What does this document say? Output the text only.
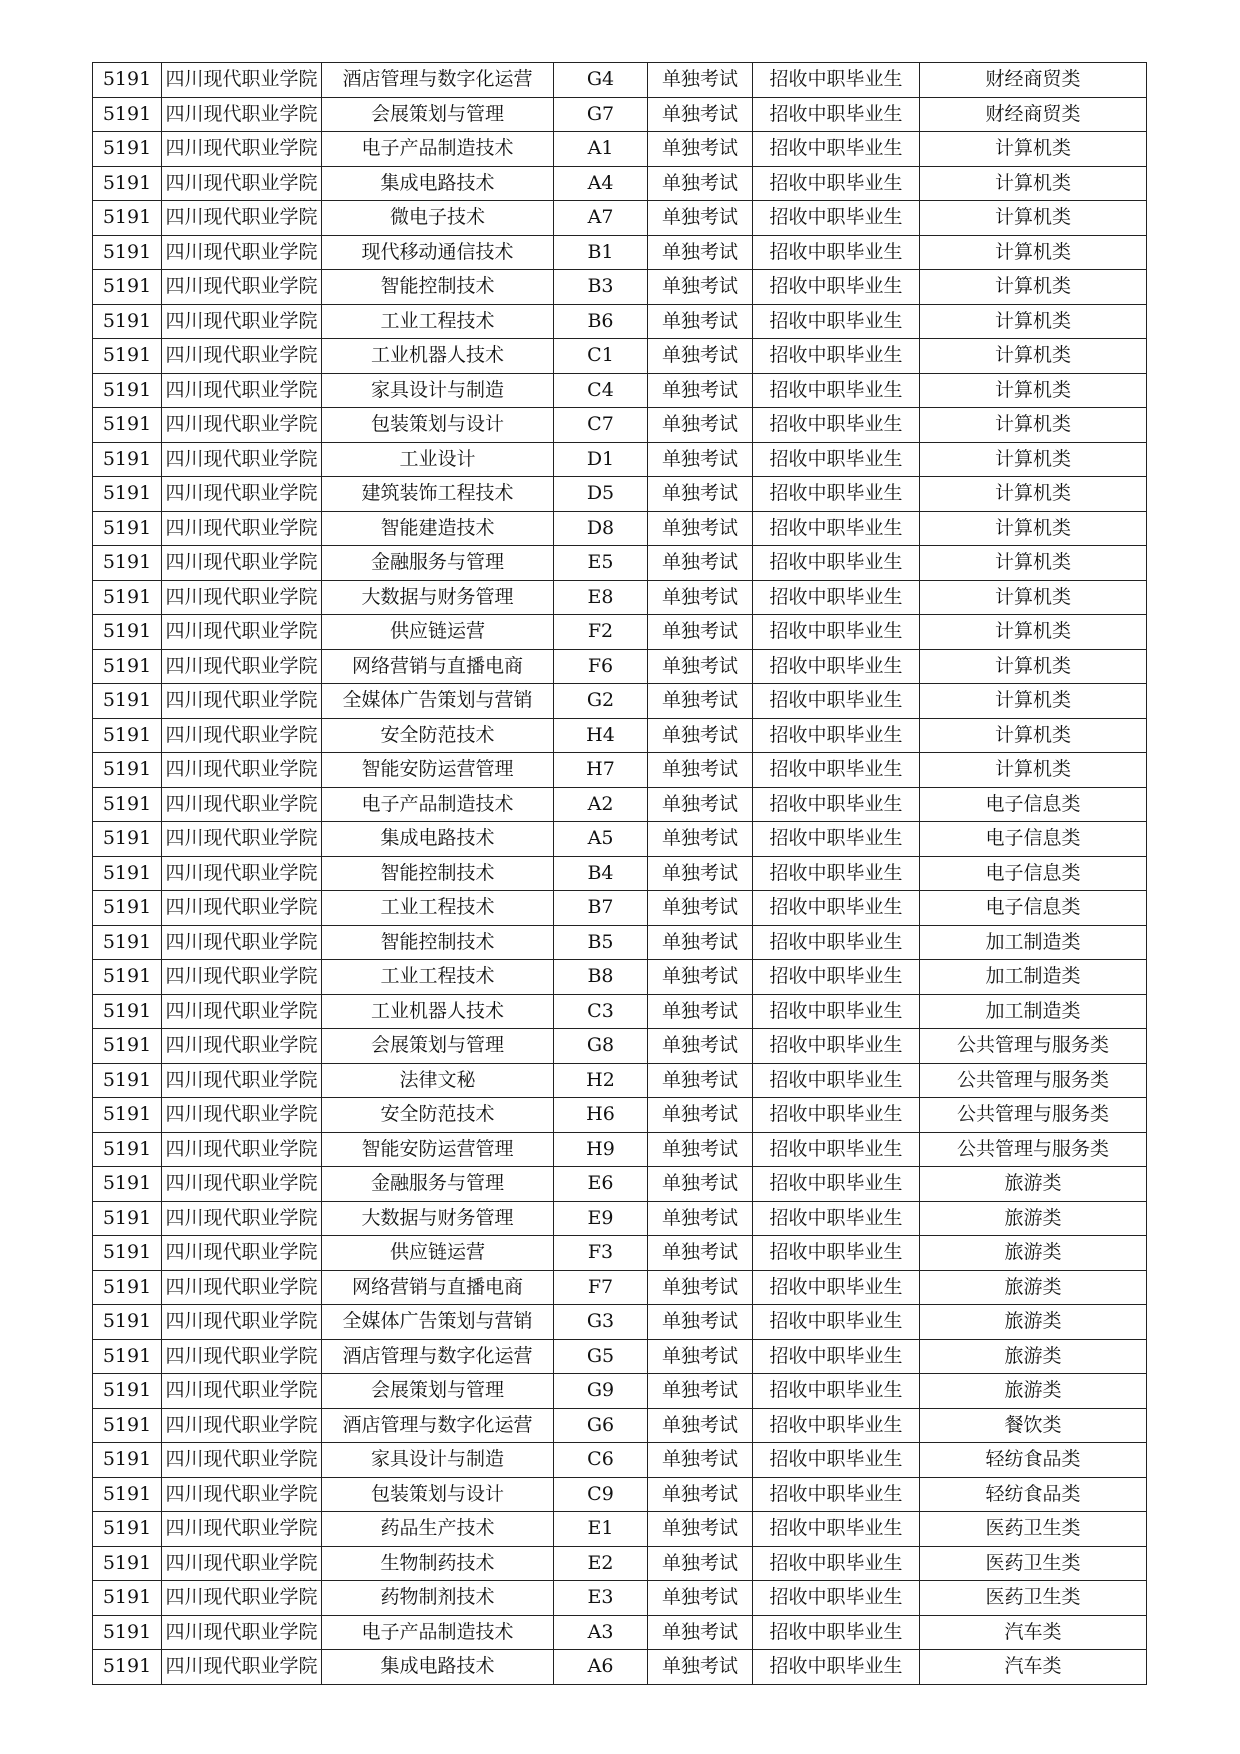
5191	四川现代职业学院	酒店管理与数字化运营	G4	单独考试	招收中职毕业生	财经商贸类
5191	四川现代职业学院	会展策划与管理	G7	单独考试	招收中职毕业生	财经商贸类
5191	四川现代职业学院	电子产品制造技术	A1	单独考试	招收中职毕业生	计算机类
5191	四川现代职业学院	集成电路技术	A4	单独考试	招收中职毕业生	计算机类
5191	四川现代职业学院	微电子技术	A7	单独考试	招收中职毕业生	计算机类
5191	四川现代职业学院	现代移动通信技术	B1	单独考试	招收中职毕业生	计算机类
5191	四川现代职业学院	智能控制技术	B3	单独考试	招收中职毕业生	计算机类
5191	四川现代职业学院	工业工程技术	B6	单独考试	招收中职毕业生	计算机类
5191	四川现代职业学院	工业机器人技术	C1	单独考试	招收中职毕业生	计算机类
5191	四川现代职业学院	家具设计与制造	C4	单独考试	招收中职毕业生	计算机类
5191	四川现代职业学院	包装策划与设计	C7	单独考试	招收中职毕业生	计算机类
5191	四川现代职业学院	工业设计	D1	单独考试	招收中职毕业生	计算机类
5191	四川现代职业学院	建筑装饰工程技术	D5	单独考试	招收中职毕业生	计算机类
5191	四川现代职业学院	智能建造技术	D8	单独考试	招收中职毕业生	计算机类
5191	四川现代职业学院	金融服务与管理	E5	单独考试	招收中职毕业生	计算机类
5191	四川现代职业学院	大数据与财务管理	E8	单独考试	招收中职毕业生	计算机类
5191	四川现代职业学院	供应链运营	F2	单独考试	招收中职毕业生	计算机类
5191	四川现代职业学院	网络营销与直播电商	F6	单独考试	招收中职毕业生	计算机类
5191	四川现代职业学院	全媒体广告策划与营销	G2	单独考试	招收中职毕业生	计算机类
5191	四川现代职业学院	安全防范技术	H4	单独考试	招收中职毕业生	计算机类
5191	四川现代职业学院	智能安防运营管理	H7	单独考试	招收中职毕业生	计算机类
5191	四川现代职业学院	电子产品制造技术	A2	单独考试	招收中职毕业生	电子信息类
5191	四川现代职业学院	集成电路技术	A5	单独考试	招收中职毕业生	电子信息类
5191	四川现代职业学院	智能控制技术	B4	单独考试	招收中职毕业生	电子信息类
5191	四川现代职业学院	工业工程技术	B7	单独考试	招收中职毕业生	电子信息类
5191	四川现代职业学院	智能控制技术	B5	单独考试	招收中职毕业生	加工制造类
5191	四川现代职业学院	工业工程技术	B8	单独考试	招收中职毕业生	加工制造类
5191	四川现代职业学院	工业机器人技术	C3	单独考试	招收中职毕业生	加工制造类
5191	四川现代职业学院	会展策划与管理	G8	单独考试	招收中职毕业生	公共管理与服务类
5191	四川现代职业学院	法律文秘	H2	单独考试	招收中职毕业生	公共管理与服务类
5191	四川现代职业学院	安全防范技术	H6	单独考试	招收中职毕业生	公共管理与服务类
5191	四川现代职业学院	智能安防运营管理	H9	单独考试	招收中职毕业生	公共管理与服务类
5191	四川现代职业学院	金融服务与管理	E6	单独考试	招收中职毕业生	旅游类
5191	四川现代职业学院	大数据与财务管理	E9	单独考试	招收中职毕业生	旅游类
5191	四川现代职业学院	供应链运营	F3	单独考试	招收中职毕业生	旅游类
5191	四川现代职业学院	网络营销与直播电商	F7	单独考试	招收中职毕业生	旅游类
5191	四川现代职业学院	全媒体广告策划与营销	G3	单独考试	招收中职毕业生	旅游类
5191	四川现代职业学院	酒店管理与数字化运营	G5	单独考试	招收中职毕业生	旅游类
5191	四川现代职业学院	会展策划与管理	G9	单独考试	招收中职毕业生	旅游类
5191	四川现代职业学院	酒店管理与数字化运营	G6	单独考试	招收中职毕业生	餐饮类
5191	四川现代职业学院	家具设计与制造	C6	单独考试	招收中职毕业生	轻纺食品类
5191	四川现代职业学院	包装策划与设计	C9	单独考试	招收中职毕业生	轻纺食品类
5191	四川现代职业学院	药品生产技术	E1	单独考试	招收中职毕业生	医药卫生类
5191	四川现代职业学院	生物制药技术	E2	单独考试	招收中职毕业生	医药卫生类
5191	四川现代职业学院	药物制剂技术	E3	单独考试	招收中职毕业生	医药卫生类
5191	四川现代职业学院	电子产品制造技术	A3	单独考试	招收中职毕业生	汽车类
5191	四川现代职业学院	集成电路技术	A6	单独考试	招收中职毕业生	汽车类
